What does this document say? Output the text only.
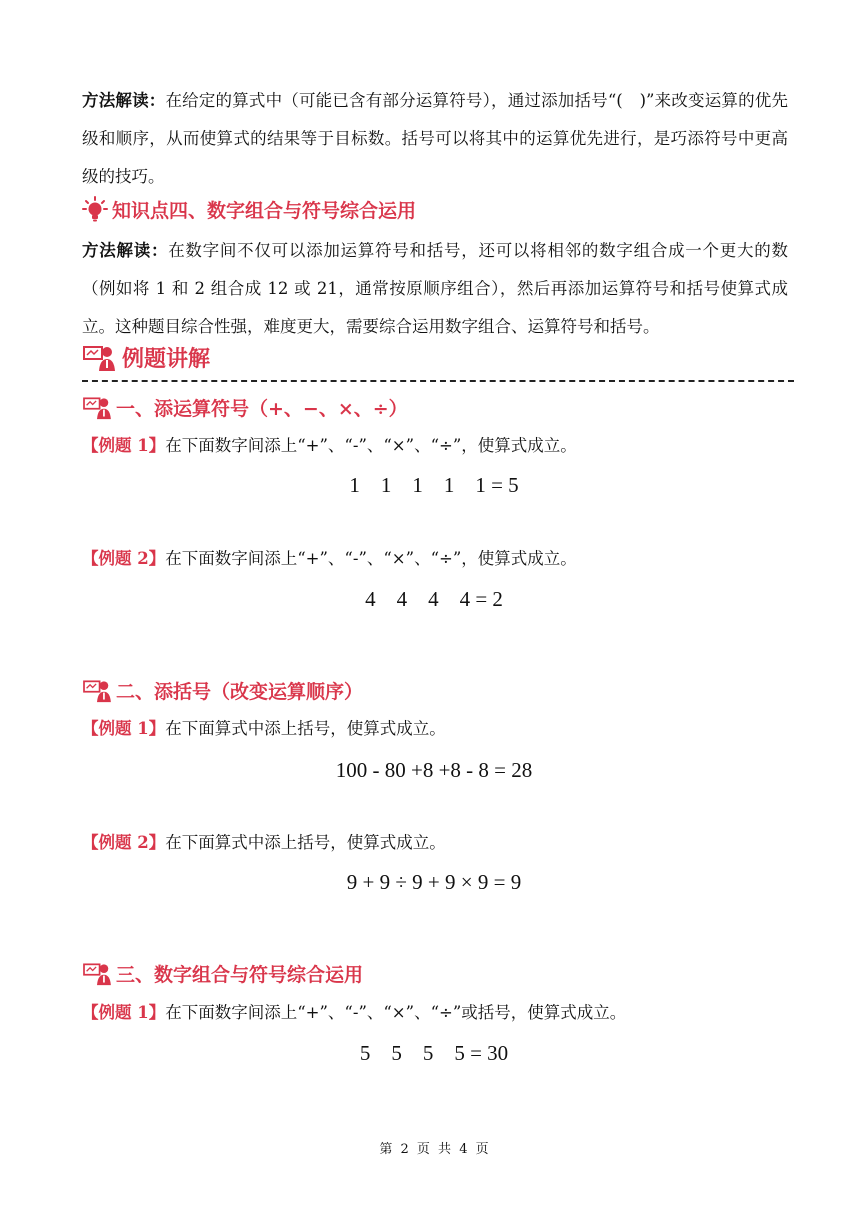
方法解读：在给定的算式中（可能已含有部分运算符号），通过添加括号“(　)”来改变运算的优先级和顺序，从而使算式的结果等于目标数。括号可以将其中的运算优先进行，是巧添符号中更高级的技巧。
知识点四、数字组合与符号综合运用
方法解读：在数字间不仅可以添加运算符号和括号，还可以将相邻的数字组合成一个更大的数（例如将 1 和 2 组合成 12 或 21，通常按原顺序组合），然后再添加运算符号和括号使算式成立。这种题目综合性强，难度更大，需要综合运用数字组合、运算符号和括号。
例题讲解
一、添运算符号（+、−、×、÷）
【例题 1】在下面数字间添上“+”、“-”、“×”、“÷”，使算式成立。
1　1　1　1　1 = 5
【例题 2】在下面数字间添上“+”、“-”、“×”、“÷”，使算式成立。
4　4　4　4 = 2
二、添括号（改变运算顺序）
【例题 1】在下面算式中添上括号，使算式成立。
100 - 80 +8 +8 - 8 = 28
【例题 2】在下面算式中添上括号，使算式成立。
9 + 9 ÷ 9 + 9 × 9 = 9
三、数字组合与符号综合运用
【例题 1】在下面数字间添上“+”、“-”、“×”、“÷”或括号，使算式成立。
5　5　5　5 = 30
第 2 页 共 4 页
